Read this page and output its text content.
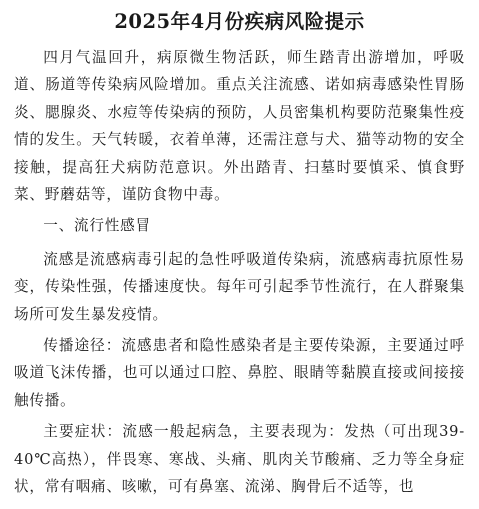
2025年4月份疾病风险提示

四月气温回升，病原微生物活跃，师生踏青出游增加，呼吸道、肠道等传染病风险增加。重点关注流感、诺如病毒感染性胃肠炎、腮腺炎、水痘等传染病的预防，人员密集机构要防范聚集性疫情的发生。天气转暖，衣着单薄，还需注意与犬、猫等动物的安全接触，提高狂犬病防范意识。外出踏青、扫墓时要慎采、慎食野菜、野蘑菇等，谨防食物中毒。

一、流行性感冒

流感是流感病毒引起的急性呼吸道传染病，流感病毒抗原性易变，传染性强，传播速度快。每年可引起季节性流行，在人群聚集场所可发生暴发疫情。

传播途径：流感患者和隐性感染者是主要传染源，主要通过呼吸道飞沫传播，也可以通过口腔、鼻腔、眼睛等黏膜直接或间接接触传播。

主要症状：流感一般起病急，主要表现为：发热（可出现39-40℃高热），伴畏寒、寒战、头痛、肌肉关节酸痛、乏力等全身症状，常有咽痛、咳嗽，可有鼻塞、流涕、胸骨后不适等，也
